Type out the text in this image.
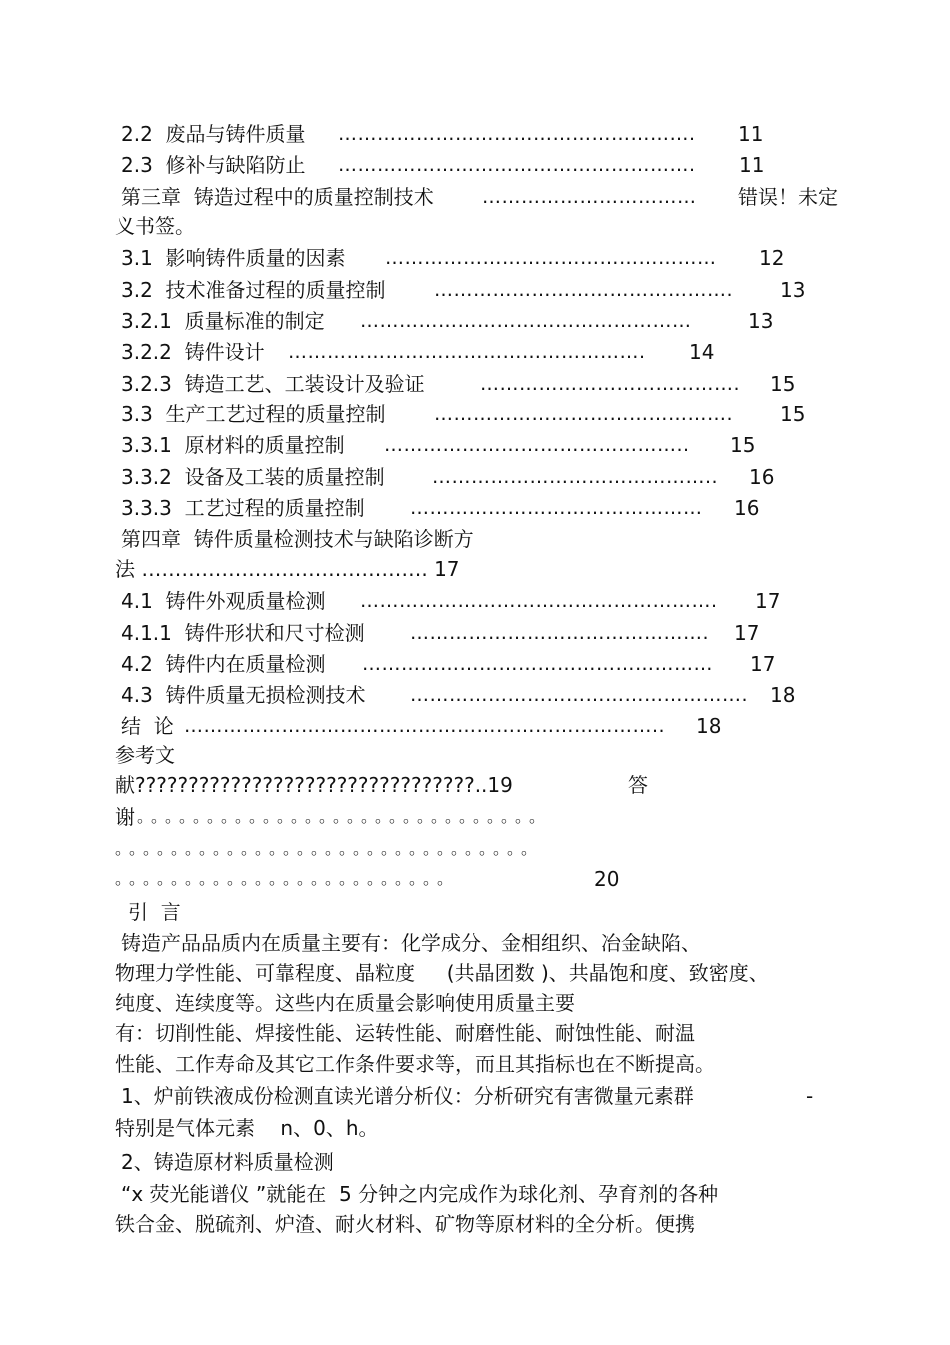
2.2  废品与铸件质量 ………………………………………………. 11
2.3  修补与缺陷防止 ………………………………………………. 11
第三章  铸造过程中的质量控制技术	…………………………… 错误！未定
义书签。
3.1  影响铸件质量的因素 …………………………………………… 12
3.2  技术准备过程的质量控制	………………………………………. 13
3.2.1  质量标准的制定 ……………………………………………	13
3.2.2  铸件设计 ………………………………………………. 14
3.2.3  铸造工艺、工装设计及验证	…………………………………. 15
3.3  生产工艺过程的质量控制	………………………………………. 15
3.3.1  原材料的质量控制 ……………………………………….. 15
3.3.2  设备及工装的质量控制 …………………………………….. 16
3.3.3  工艺过程的质量控制 ……………………………………… 16
第四章  铸件质量检测技术与缺陷诊断方
法 ……………………………………. 17
4.1  铸件外观质量检测 ………………………………………………. 17
4.1.1  铸件形状和尺寸检测 ………………………………………. 17
4.2  铸件内在质量检测 ……………………………………………… 17
4.3  铸件质量无损检测技术 ……………………………………………. 18
结  论 ……………………………………………………………….. 18
参考文
献????????????????????????????????..19	答
谢 。。。。。。。。。。。。。。。。。。。。。。。。。。。。。
。。。。。。。。。。。。。。。。。。。。。。。。。。。。。。
。。。。。。。。。。。。。。。。。。。。。。。。	20
引  言
铸造产品品质内在质量主要有：化学成分、金相组织、冶金缺陷、
物理力学性能、可靠程度、晶粒度     (共晶团数 )、共晶饱和度、致密度、
纯度、连续度等。这些内在质量会影响使用质量主要
有：切削性能、焊接性能、运转性能、耐磨性能、耐蚀性能、耐温
性能、工作寿命及其它工作条件要求等，而且其指标也在不断提高。
1、炉前铁液成份检测直读光谱分析仪：分析研究有害微量元素群	-
特别是气体元素    n、0、h。
2、铸造原材料质量检测
“x 荧光能谱仪 ”就能在  5 分钟之内完成作为球化剂、孕育剂的各种
铁合金、脱硫剂、炉渣、耐火材料、矿物等原材料的全分析。便携
